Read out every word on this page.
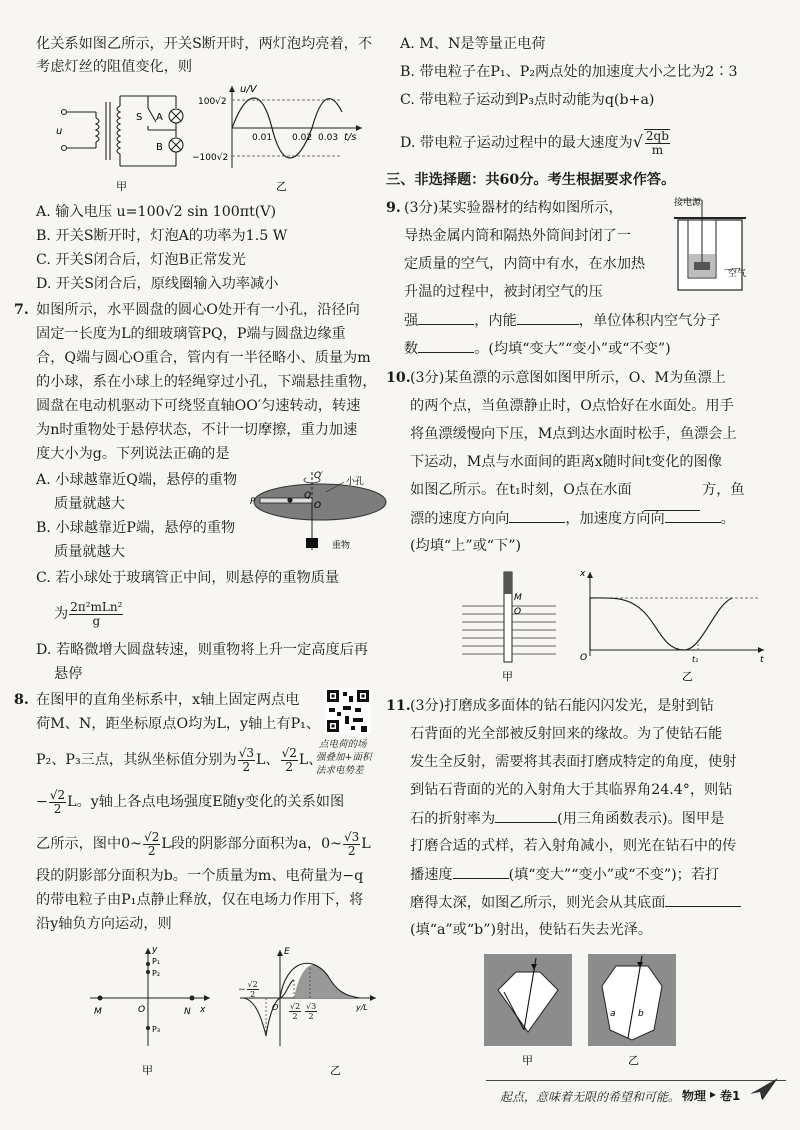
化关系如图乙所示，开关S断开时，两灯泡均亮着，不
考虑灯丝的阻值变化，则
u
S A
B
甲
u/V
t/s
100√2
−100√2
0.01 0.02 0.03
乙
A. 输入电压 u=100√2 sin 100πt(V)
B. 开关S断开时，灯泡A的功率为1.5 W
C. 开关S闭合后，灯泡B正常发光
D. 开关S闭合后，原线圈输入功率减小
7. 如图所示，水平圆盘的圆心O处开有一小孔，沿径向
固定一长度为L的细玻璃管PQ，P端与圆盘边缘重
合，Q端与圆心O重合，管内有一半径略小、质量为m
的小球，系在小球上的轻绳穿过小孔，下端悬挂重物，
圆盘在电动机驱动下可绕竖直轴OO′匀速转动，转速
为n时重物处于悬停状态，不计一切摩擦，重力加速
度大小为g。下列说法正确的是
A. 小球越靠近Q端，悬停的重物
质量就越大
B. 小球越靠近P端，悬停的重物
质量就越大
O′
O
P
Q
小孔
重物
C. 若小球处于玻璃管正中间，则悬停的重物质量
为 $\frac{\text{2π²mLn²}}{g}$
D. 若略微增大圆盘转速，则重物将上升一定高度后再
悬停
8. 在图甲的直角坐标系中，x轴上固定两点电
荷M、N，距坐标原点O均为L，y轴上有P₁、
点电荷的场
强叠加+面积
法求电势差
P₂、P₃三点，其纵坐标值分别为 $\frac{√3}{2}$ L、 $\frac{√2}{2}$ L、
− $\frac{√2}{2}$ L。y轴上各点电场强度E随y变化的关系如图
乙所示，图中0~ $\frac{√2}{2}$ L段的阴影部分面积为a，0~ $\frac{√3}{2}$ L
段的阴影部分面积为b。一个质量为m、电荷量为−q
的带电粒子由P₁点静止释放，仅在电场力作用下，将
沿y轴负方向运动，则
M	N
O	x
y
P₁
P₂
P₃
甲
E
y/L
O
乙
− $\frac{√2}{2}$
$\frac{√2}{2} \frac{√3}{2}$
A. M、N是等量正电荷
B. 带电粒子在P₁、P₂两点处的加速度大小之比为2∶3
C. 带电粒子运动到P₃点时动能为q(b+a)
D. 带电粒子运动过程中的最大速度为√ $\frac{2qb}{m}$
三、非选择题：共60分。考生根据要求作答。
9. (3分)某实验器材的结构如图所示，
导热金属内筒和隔热外筒间封闭了一
定质量的空气，内筒中有水，在水加热
升温的过程中，被封闭空气的压
强	，内能	，单位体积内空气分子
数	。(均填“变大”“变小”或“不变”)
接电源
空气
10. (3分)某鱼漂的示意图如图甲所示，O、M为鱼漂上
的两个点，当鱼漂静止时，O点恰好在水面处。用手
将鱼漂缓慢向下压，M点到达水面时松手，鱼漂会上
下运动，M点与水面间的距离x随时间t变化的图像
如图乙所示。在t₁时刻，O点在水面	方，鱼
漂的速度方向向	，加速度方向向	。
(均填“上”或“下”)
M
O
甲
x
t
O	t₁
乙
11. (3分)打磨成多面体的钻石能闪闪发光，是射到钻
石背面的光全部被反射回来的缘故。为了使钻石能
发生全反射，需要将其表面打磨成特定的角度，使射
到钻石背面的光的入射角大于其临界角24.4°，则钻
石的折射率为	(用三角函数表示)。图甲是
打磨合适的式样，若入射角减小，则光在钻石中的传
播速度	(填“变大”“变小”或“不变”)；若打
磨得太深，如图乙所示，则光会从其底面
(填“a”或“b”)射出，使钻石失去光泽。
a b
甲	乙
起点，意味着无限的希望和可能。 物理 ▸ 卷1
